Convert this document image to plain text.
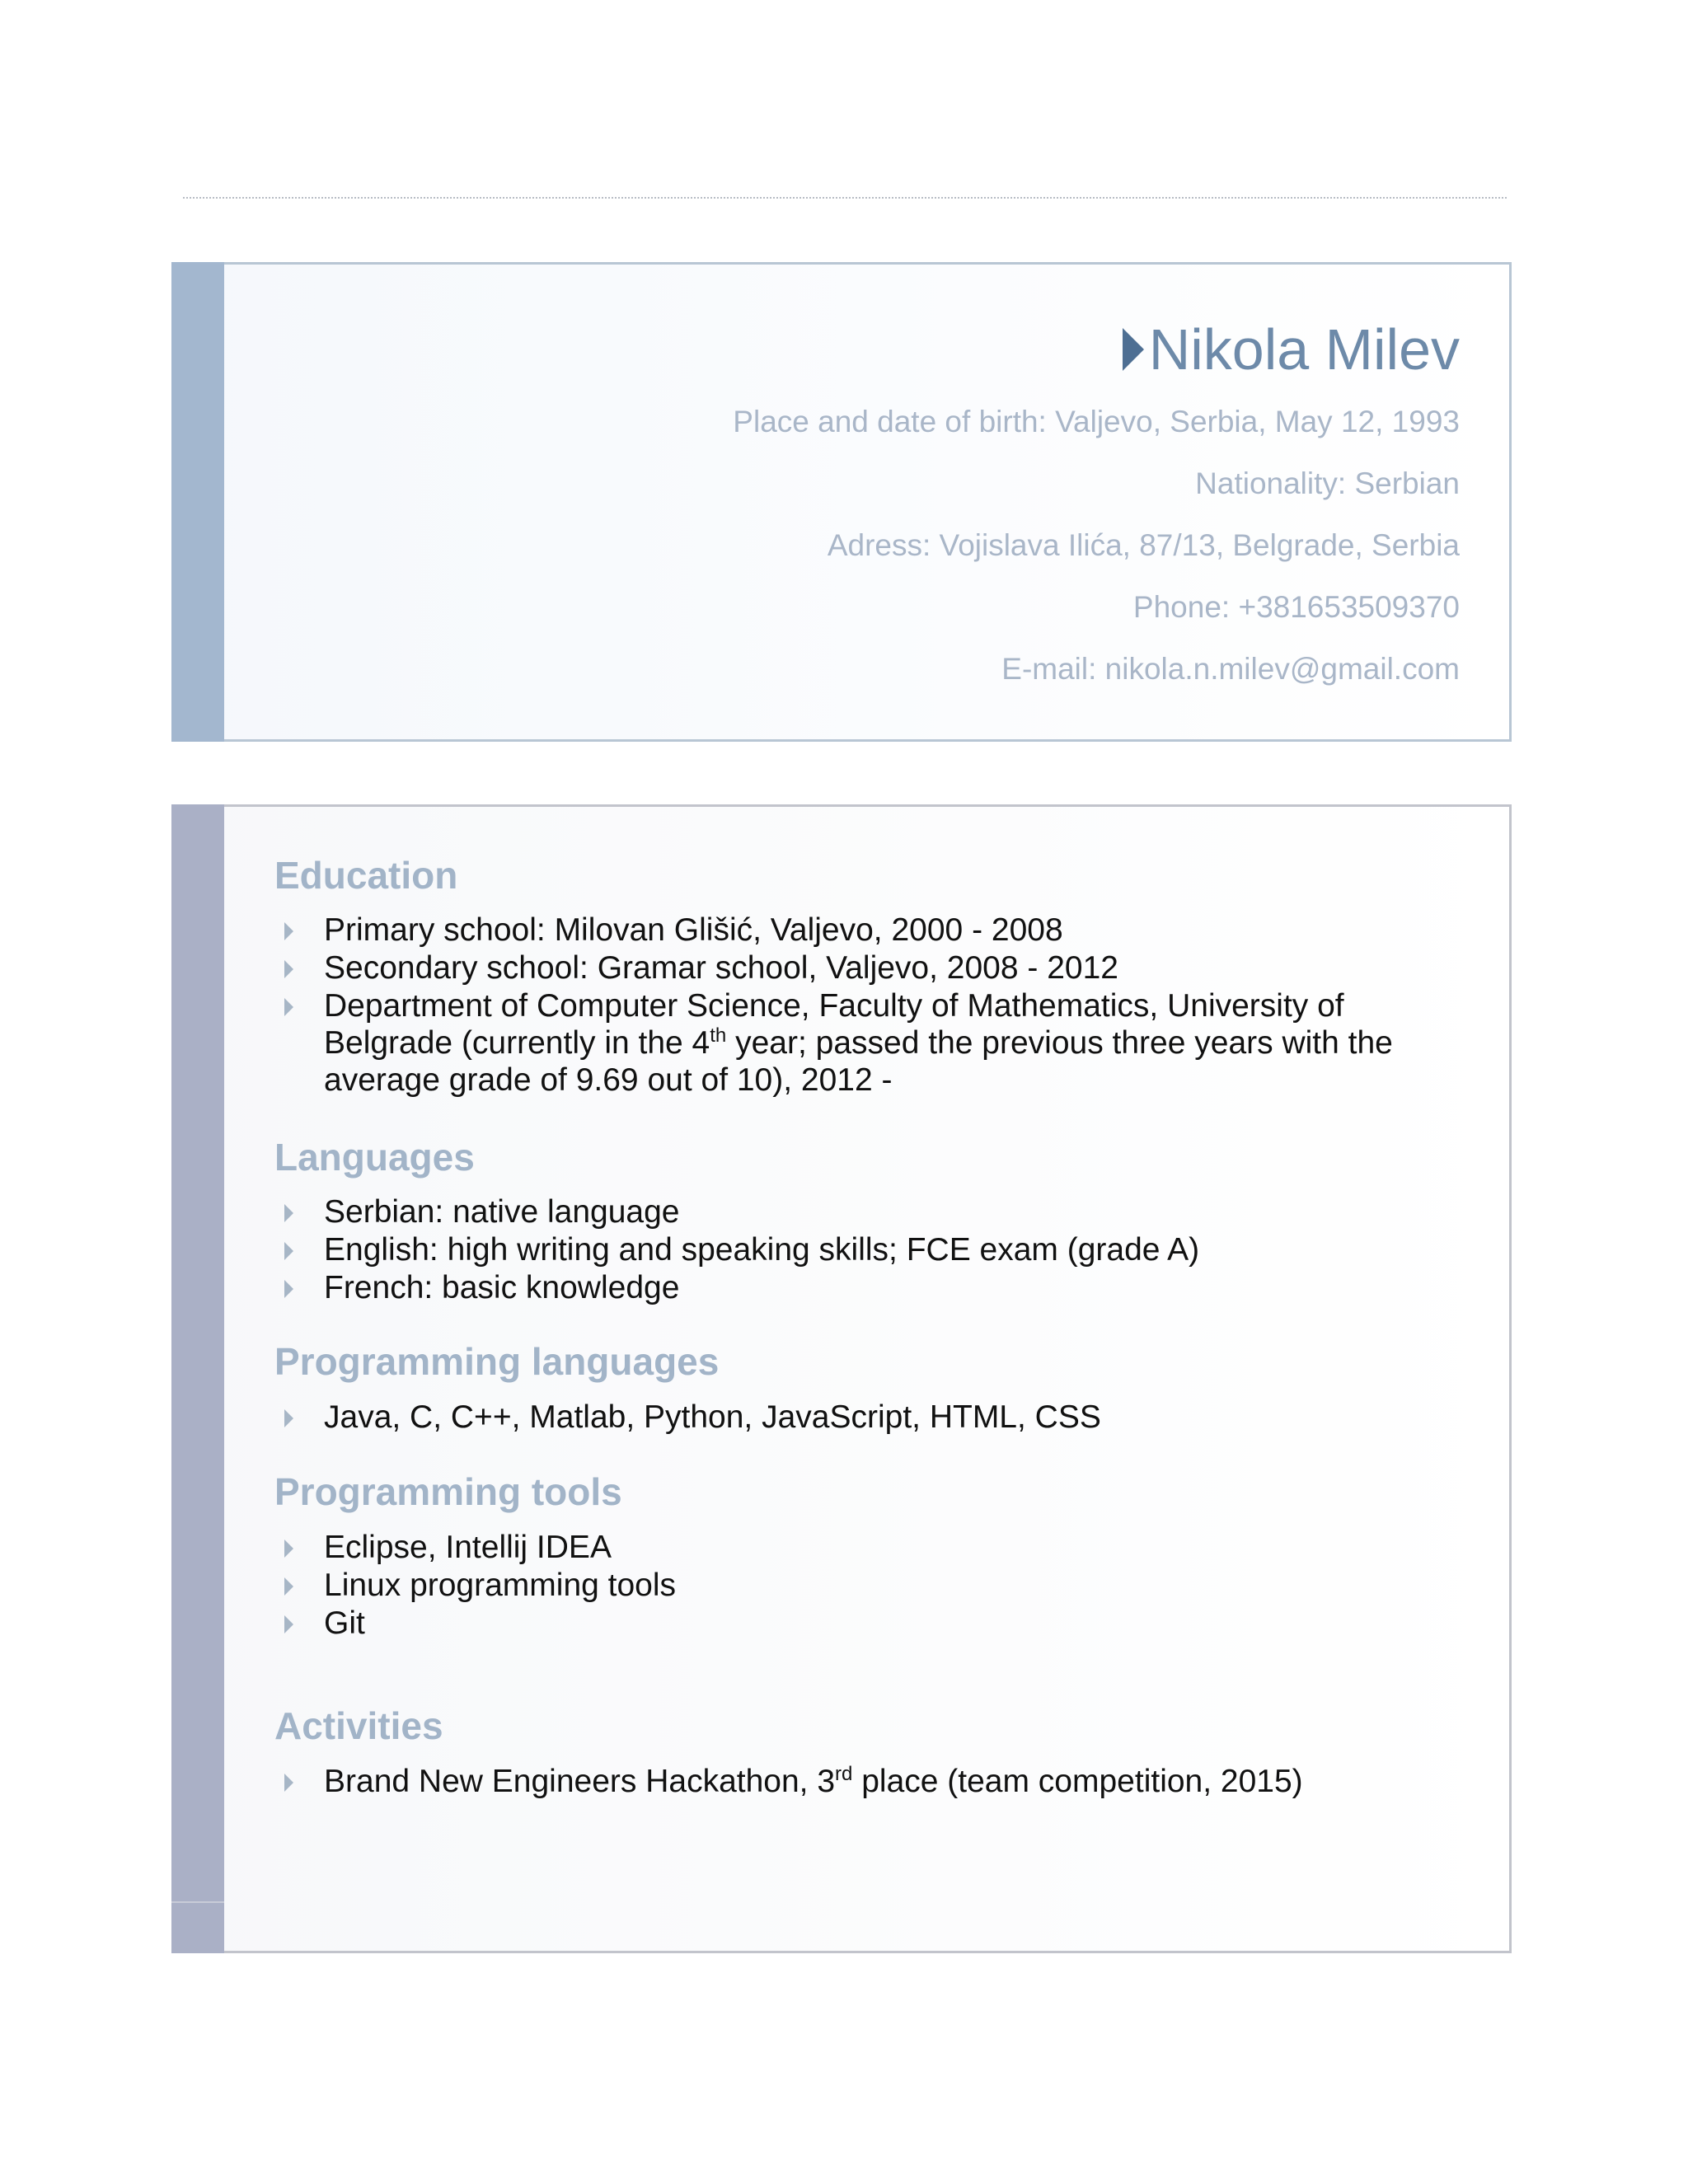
Nikola Milev
Place and date of birth: Valjevo, Serbia, May 12, 1993
Nationality: Serbian
Adress: Vojislava Ilića, 87/13, Belgrade, Serbia
Phone: +381653509370
E-mail: nikola.n.milev@gmail.com
Education
Primary school: Milovan Glišić, Valjevo, 2000 - 2008
Secondary school: Gramar school, Valjevo, 2008 - 2012
Department of Computer Science, Faculty of Mathematics, University of
Belgrade (currently in the 4th year; passed the previous three years with the
average grade of 9.69 out of 10), 2012 -
Languages
Serbian: native language
English: high writing and speaking skills; FCE exam (grade A)
French: basic knowledge
Programming languages
Java, C, C++, Matlab, Python, JavaScript, HTML, CSS
Programming tools
Eclipse, Intellij IDEA
Linux programming tools
Git
Activities
Brand New Engineers Hackathon, 3rd place (team competition, 2015)
